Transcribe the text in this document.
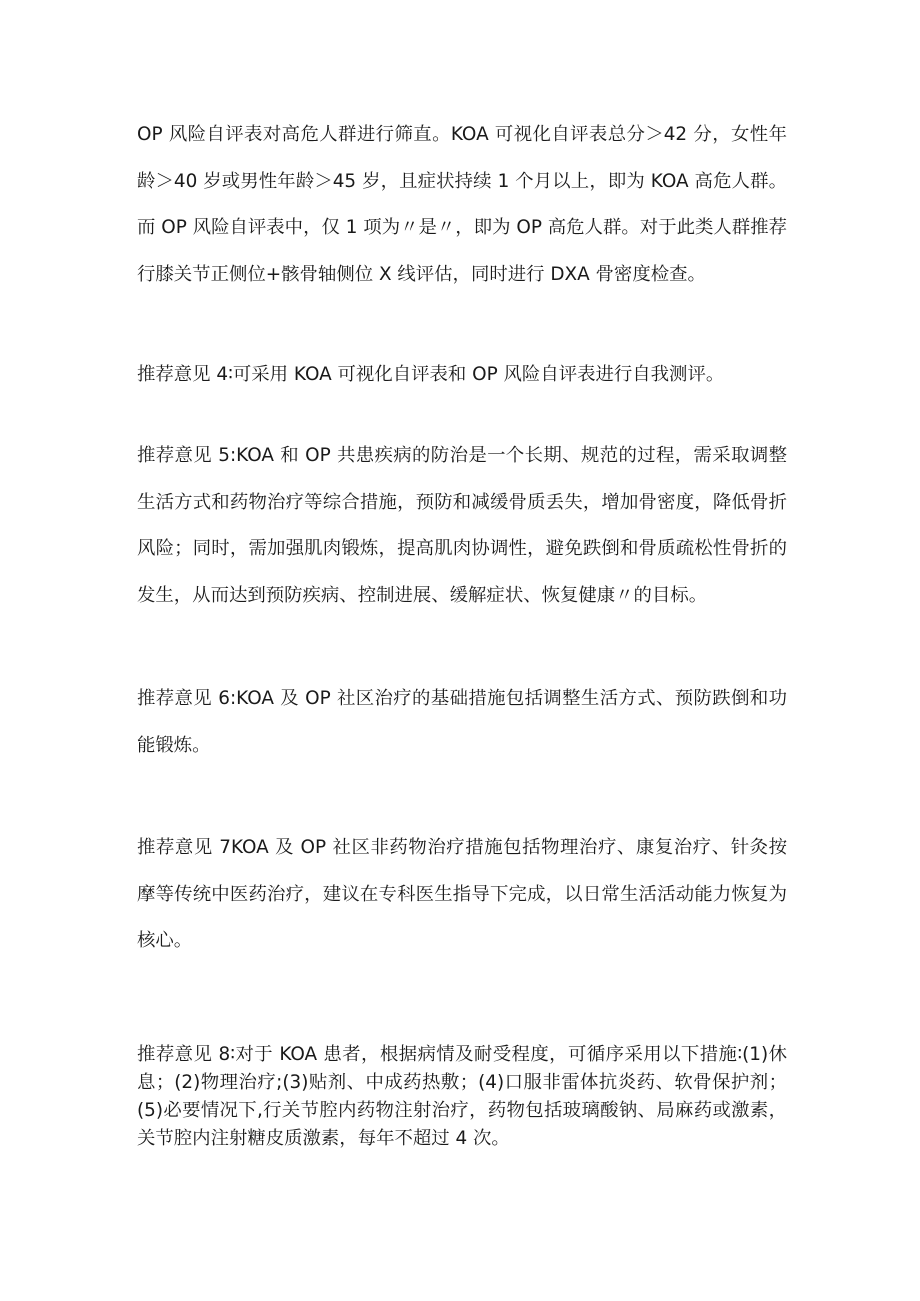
OP 风险自评表对高危人群进行筛直。KOA 可视化自评表总分＞42 分，女性年龄＞40 岁或男性年龄＞45 岁，且症状持续 1 个月以上，即为 KOA 高危人群。而 OP 风险自评表中，仅 1 项为〃是〃，即为 OP 高危人群。对于此类人群推荐行膝关节正侧位+骸骨轴侧位 X 线评估，同时进行 DXA 骨密度检查。

推荐意见 4∶可采用 KOA 可视化自评表和 OP 风险自评表进行自我测评。

推荐意见 5:KOA 和 OP 共患疾病的防治是一个长期、规范的过程，需采取调整生活方式和药物治疗等综合措施，预防和减缓骨质丢失，增加骨密度，降低骨折风险；同时，需加强肌肉锻炼，提高肌肉协调性，避免跌倒和骨质疏松性骨折的发生，从而达到预防疾病、控制进展、缓解症状、恢复健康〃的目标。

推荐意见 6:KOA 及 OP 社区治疗的基础措施包括调整生活方式、预防跌倒和功能锻炼。

推荐意见 7KOA 及 OP 社区非药物治疗措施包括物理治疗、康复治疗、针灸按摩等传统中医药治疗，建议在专科医生指导下完成，以日常生活活动能力恢复为核心。

推荐意见 8∶对于 KOA 患者，根据病情及耐受程度，可循序采用以下措施∶(1)休息；(2)物理治疗;(3)贴剂、中成药热敷；(4)口服非雷体抗炎药、软骨保护剂；(5)必要情况下,行关节腔内药物注射治疗，药物包括玻璃酸钠、局麻药或激素，关节腔内注射糖皮质激素，每年不超过 4 次。
